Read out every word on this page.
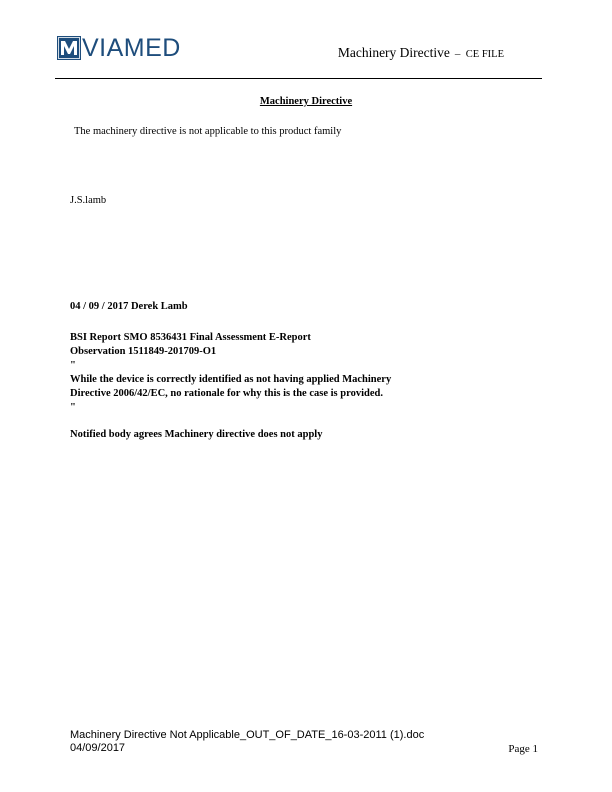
VIAMED	Machinery Directive – CE FILE
Machinery Directive
The machinery directive is not applicable to this product family
J.S.lamb
04 / 09 / 2017 Derek Lamb
BSI Report SMO 8536431 Final Assessment E-Report
Observation 1511849-201709-O1
"
While the device is correctly identified as not having applied Machinery
Directive 2006/42/EC, no rationale for why this is the case is provided.
"
Notified body agrees Machinery directive does not apply
Machinery Directive Not Applicable_OUT_OF_DATE_16-03-2011 (1).doc
04/09/2017	Page 1
